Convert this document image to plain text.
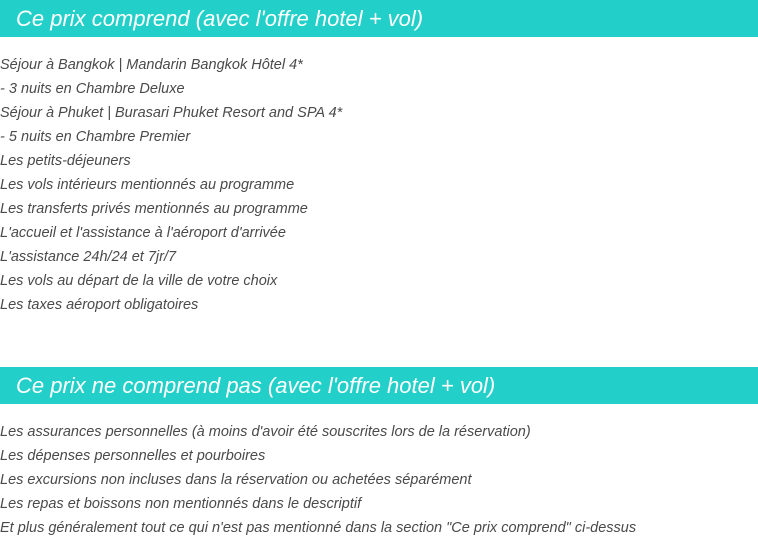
Ce prix comprend (avec l'offre hotel + vol)
Séjour à Bangkok | Mandarin Bangkok Hôtel 4*
- 3 nuits en Chambre Deluxe
Séjour à Phuket | Burasari Phuket Resort and SPA 4*
- 5 nuits en Chambre Premier
Les petits-déjeuners
Les vols intérieurs mentionnés au programme
Les transferts privés mentionnés au programme
L'accueil et l'assistance à l'aéroport d'arrivée
L'assistance 24h/24 et 7jr/7
Les vols au départ de la ville de votre choix
Les taxes aéroport obligatoires
Ce prix ne comprend pas (avec l'offre hotel + vol)
Les assurances personnelles (à moins d'avoir été souscrites lors de la réservation)
Les dépenses personnelles et pourboires
Les excursions non incluses dans la réservation ou achetées séparément
Les repas et boissons non mentionnés dans le descriptif
Et plus généralement tout ce qui n'est pas mentionné dans la section "Ce prix comprend" ci-dessus
